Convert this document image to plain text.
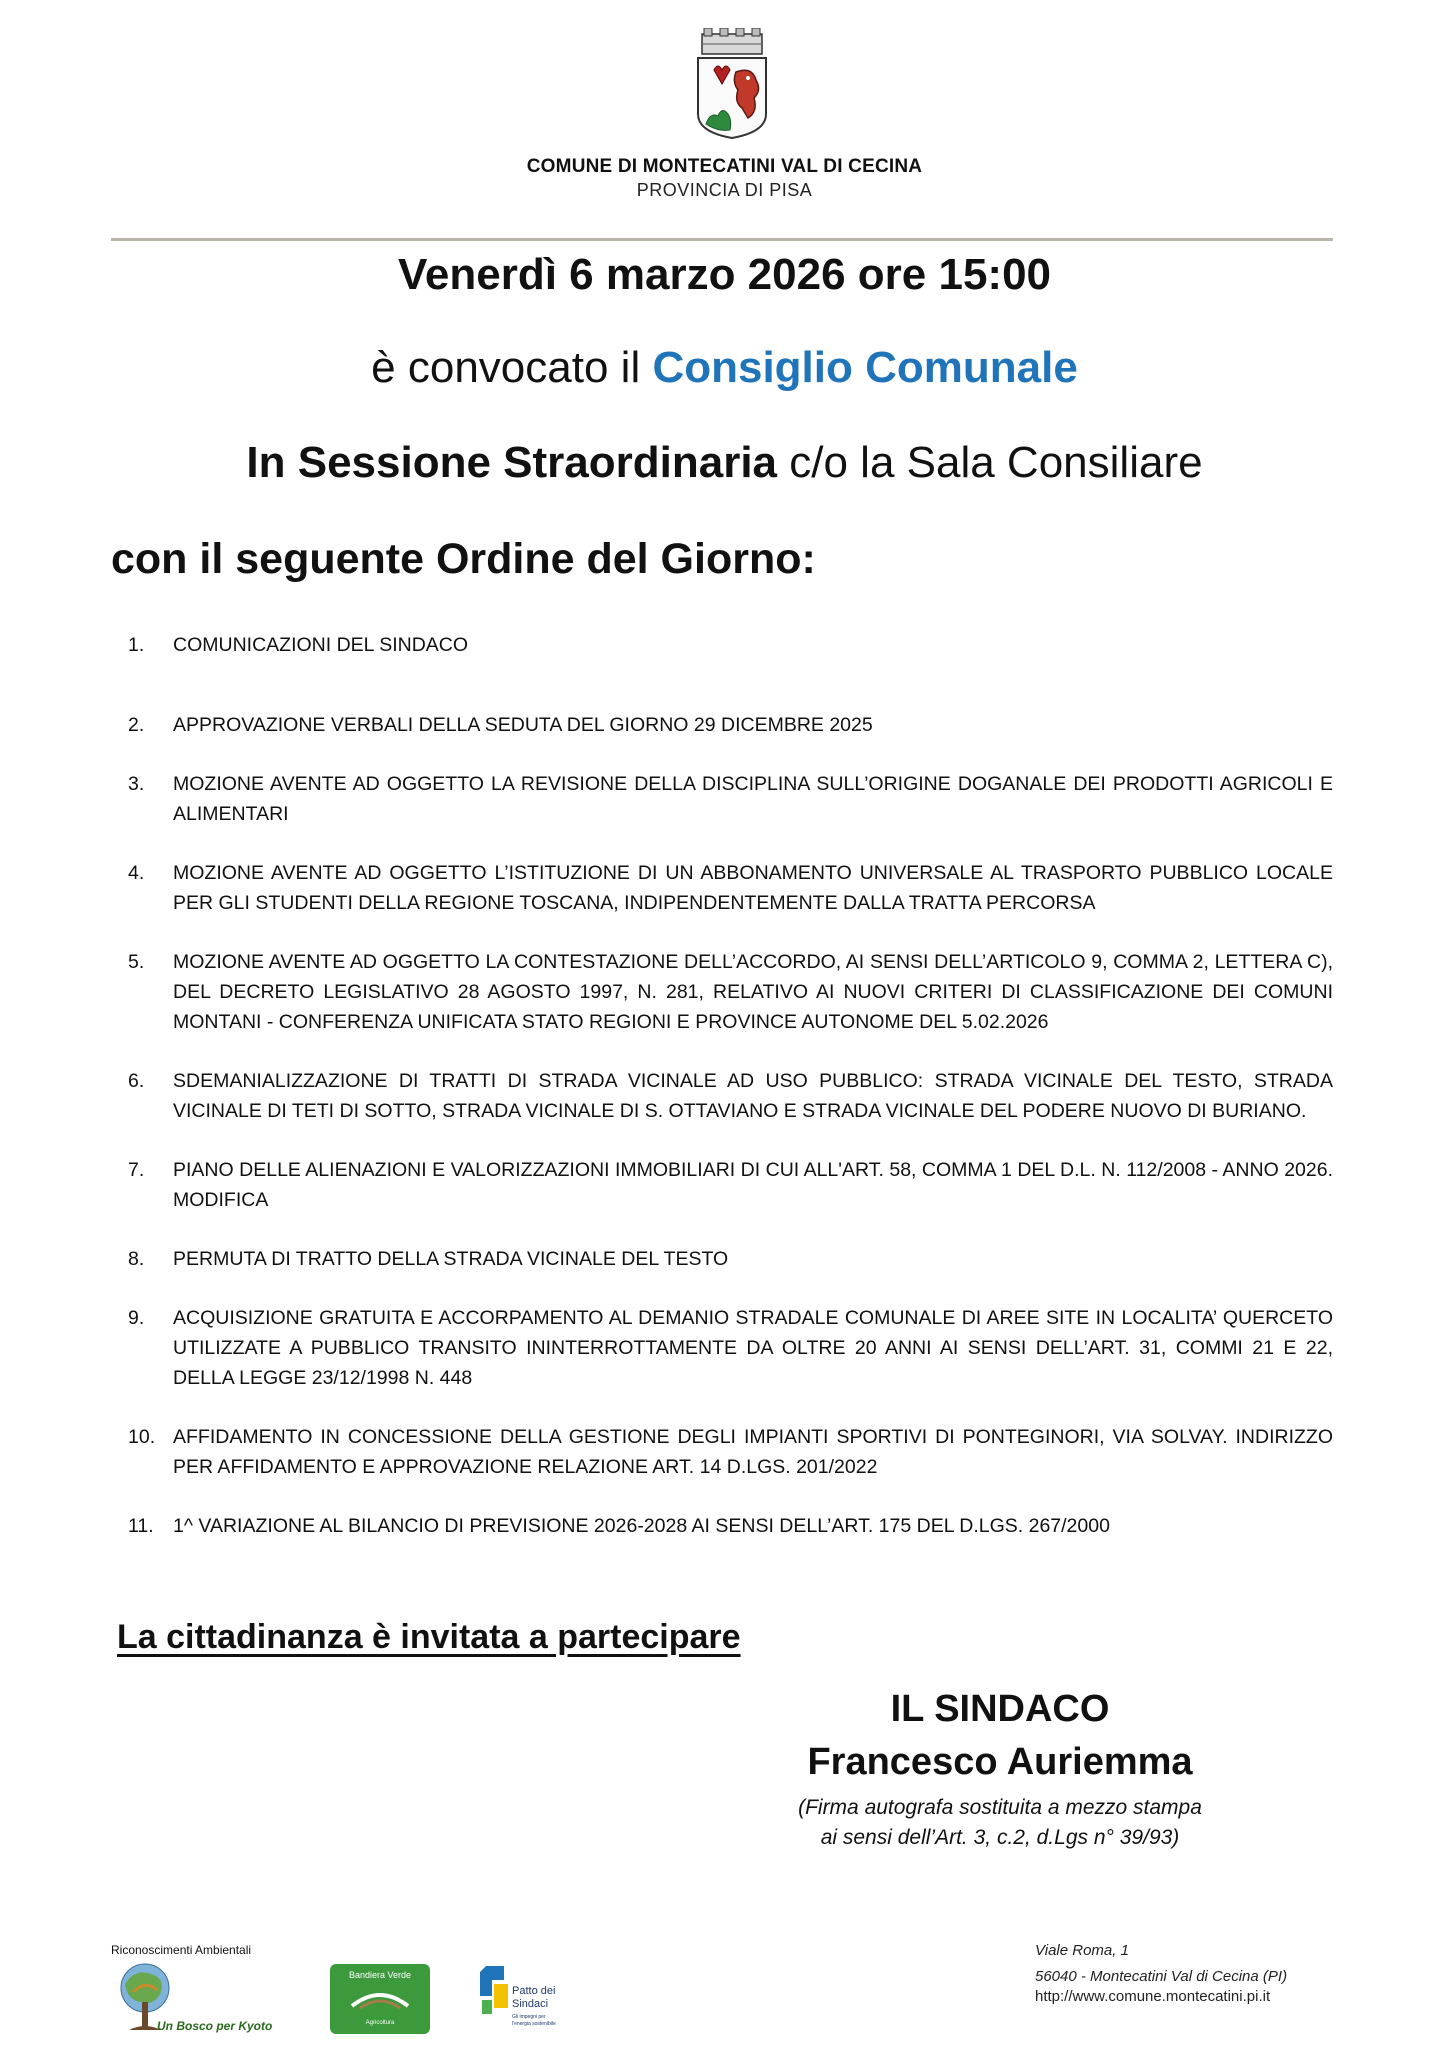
COMUNE DI MONTECATINI VAL DI CECINA
PROVINCIA DI PISA
Venerdì 6 marzo 2026 ore 15:00
è convocato il Consiglio Comunale
In Sessione Straordinaria c/o la Sala Consiliare
con il seguente Ordine del Giorno:
1.	COMUNICAZIONI DEL SINDACO
2.	APPROVAZIONE VERBALI DELLA SEDUTA DEL GIORNO 29 DICEMBRE 2025
3.	MOZIONE AVENTE AD OGGETTO LA REVISIONE DELLA DISCIPLINA SULL’ORIGINE DOGANALE DEI PRODOTTI AGRICOLI E ALIMENTARI
4.	MOZIONE AVENTE AD OGGETTO L’ISTITUZIONE DI UN ABBONAMENTO UNIVERSALE AL TRASPORTO PUBBLICO LOCALE PER GLI STUDENTI DELLA REGIONE TOSCANA, INDIPENDENTEMENTE DALLA TRATTA PERCORSA
5.	MOZIONE AVENTE AD OGGETTO LA CONTESTAZIONE DELL’ACCORDO, AI SENSI DELL’ARTICOLO 9, COMMA 2, LETTERA C), DEL DECRETO LEGISLATIVO 28 AGOSTO 1997, N. 281, RELATIVO AI NUOVI CRITERI DI CLASSIFICAZIONE DEI COMUNI MONTANI - CONFERENZA UNIFICATA STATO REGIONI E PROVINCE AUTONOME DEL 5.02.2026
6.	SDEMANIALIZZAZIONE DI TRATTI DI STRADA VICINALE AD USO PUBBLICO: STRADA VICINALE DEL TESTO, STRADA VICINALE DI TETI DI SOTTO, STRADA VICINALE DI S. OTTAVIANO E STRADA VICINALE DEL PODERE NUOVO DI BURIANO.
7.	PIANO DELLE ALIENAZIONI E VALORIZZAZIONI IMMOBILIARI DI CUI ALL'ART. 58, COMMA 1 DEL D.L. N. 112/2008 - ANNO 2026. MODIFICA
8.	PERMUTA DI TRATTO DELLA STRADA VICINALE DEL TESTO
9.	ACQUISIZIONE GRATUITA E ACCORPAMENTO AL DEMANIO STRADALE COMUNALE DI AREE SITE IN LOCALITA’ QUERCETO UTILIZZATE A PUBBLICO TRANSITO ININTERROTTAMENTE DA OLTRE 20 ANNI AI SENSI DELL’ART. 31, COMMI 21 E 22, DELLA LEGGE 23/12/1998 N. 448
10. AFFIDAMENTO IN CONCESSIONE DELLA GESTIONE DEGLI IMPIANTI SPORTIVI DI PONTEGINORI, VIA SOLVAY. INDIRIZZO PER AFFIDAMENTO E APPROVAZIONE RELAZIONE ART. 14 D.LGS. 201/2022
11. 1^ VARIAZIONE AL BILANCIO DI PREVISIONE 2026-2028 AI SENSI DELL’ART. 175 DEL D.LGS. 267/2000
La cittadinanza è invitata a partecipare
IL SINDACO
Francesco Auriemma
(Firma autografa sostituita a mezzo stampa
ai sensi dell’Art. 3, c.2, d.Lgs n° 39/93)
Riconoscimenti Ambientali
Un Bosco per Kyoto
Bandiera Verde
Agricoltura
Patto dei
Sindaci
Gli impegni per
l'energia sostenibile
Viale Roma, 1
56040 - Montecatini Val di Cecina (PI)
http://www.comune.montecatini.pi.it
